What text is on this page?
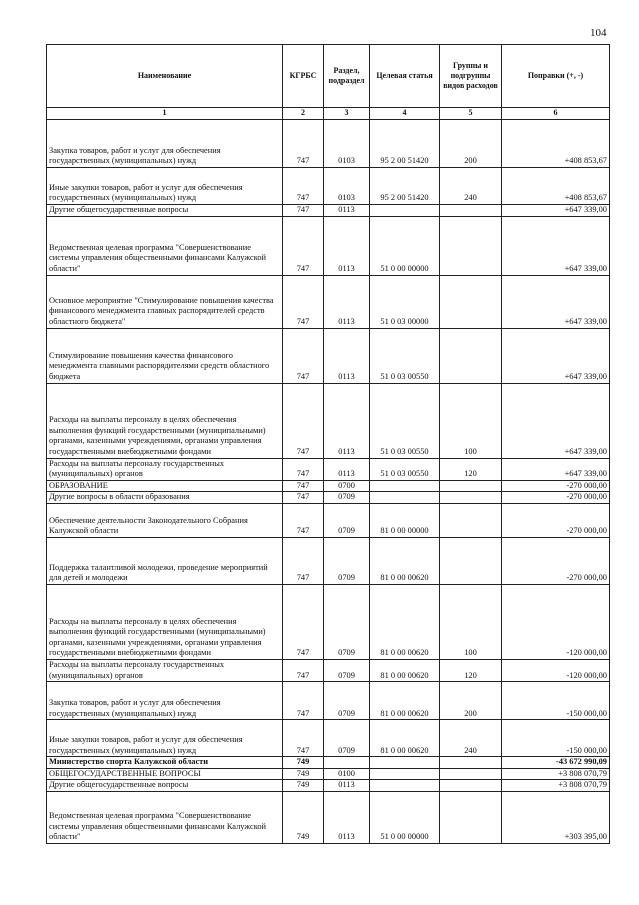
104
Наименование	КГРБС	Раздел, подраздел	Целевая статья	Группы и подгруппы видов расходов	Поправки (+, -)
1	2	3	4	5	6
Закупка товаров, работ и услуг для обеспечения государственных (муниципальных) нужд	747	0103	95 2 00 51420	200	+408 853,67
Иные закупки товаров, работ и услуг для обеспечения государственных (муниципальных) нужд	747	0103	95 2 00 51420	240	+408 853,67
Другие общегосударственные вопросы	747	0113			+647 339,00
Ведомственная целевая программа "Совершенствование системы управления общественными финансами Калужской области"	747	0113	51 0 00 00000		+647 339,00
Основное мероприятие "Стимулирование повышения качества финансового менеджмента главных распорядителей средств областного бюджета"	747	0113	51 0 03 00000		+647 339,00
Стимулирование повышения качества финансового менеджмента главными распорядителями средств областного бюджета	747	0113	51 0 03 00550		+647 339,00
Расходы на выплаты персоналу в целях обеспечения выполнения функций государственными (муниципальными) органами, казенными учреждениями, органами управления государственными внебюджетными фондами	747	0113	51 0 03 00550	100	+647 339,00
Расходы на выплаты персоналу государственных (муниципальных) органов	747	0113	51 0 03 00550	120	+647 339,00
ОБРАЗОВАНИЕ	747	0700			-270 000,00
Другие вопросы в области образования	747	0709			-270 000,00
Обеспечение деятельности Законодательного Собрания Калужской области	747	0709	81 0 00 00000		-270 000,00
Поддержка талантливой молодежи, проведение мероприятий для детей и молодежи	747	0709	81 0 00 00620		-270 000,00
Расходы на выплаты персоналу в целях обеспечения выполнения функций государственными (муниципальными) органами, казенными учреждениями, органами управления государственными внебюджетными фондами	747	0709	81 0 00 00620	100	-120 000,00
Расходы на выплаты персоналу государственных (муниципальных) органов	747	0709	81 0 00 00620	120	-120 000,00
Закупка товаров, работ и услуг для обеспечения государственных (муниципальных) нужд	747	0709	81 0 00 00620	200	-150 000,00
Иные закупки товаров, работ и услуг для обеспечения государственных (муниципальных) нужд	747	0709	81 0 00 00620	240	-150 000,00
Министерство спорта Калужской области	749				-43 672 990,09
ОБЩЕГОСУДАРСТВЕННЫЕ ВОПРОСЫ	749	0100			+3 808 070,79
Другие общегосударственные вопросы	749	0113			+3 808 070,79
Ведомственная целевая программа "Совершенствование системы управления общественными финансами Калужской области"	749	0113	51 0 00 00000		+303 395,00
